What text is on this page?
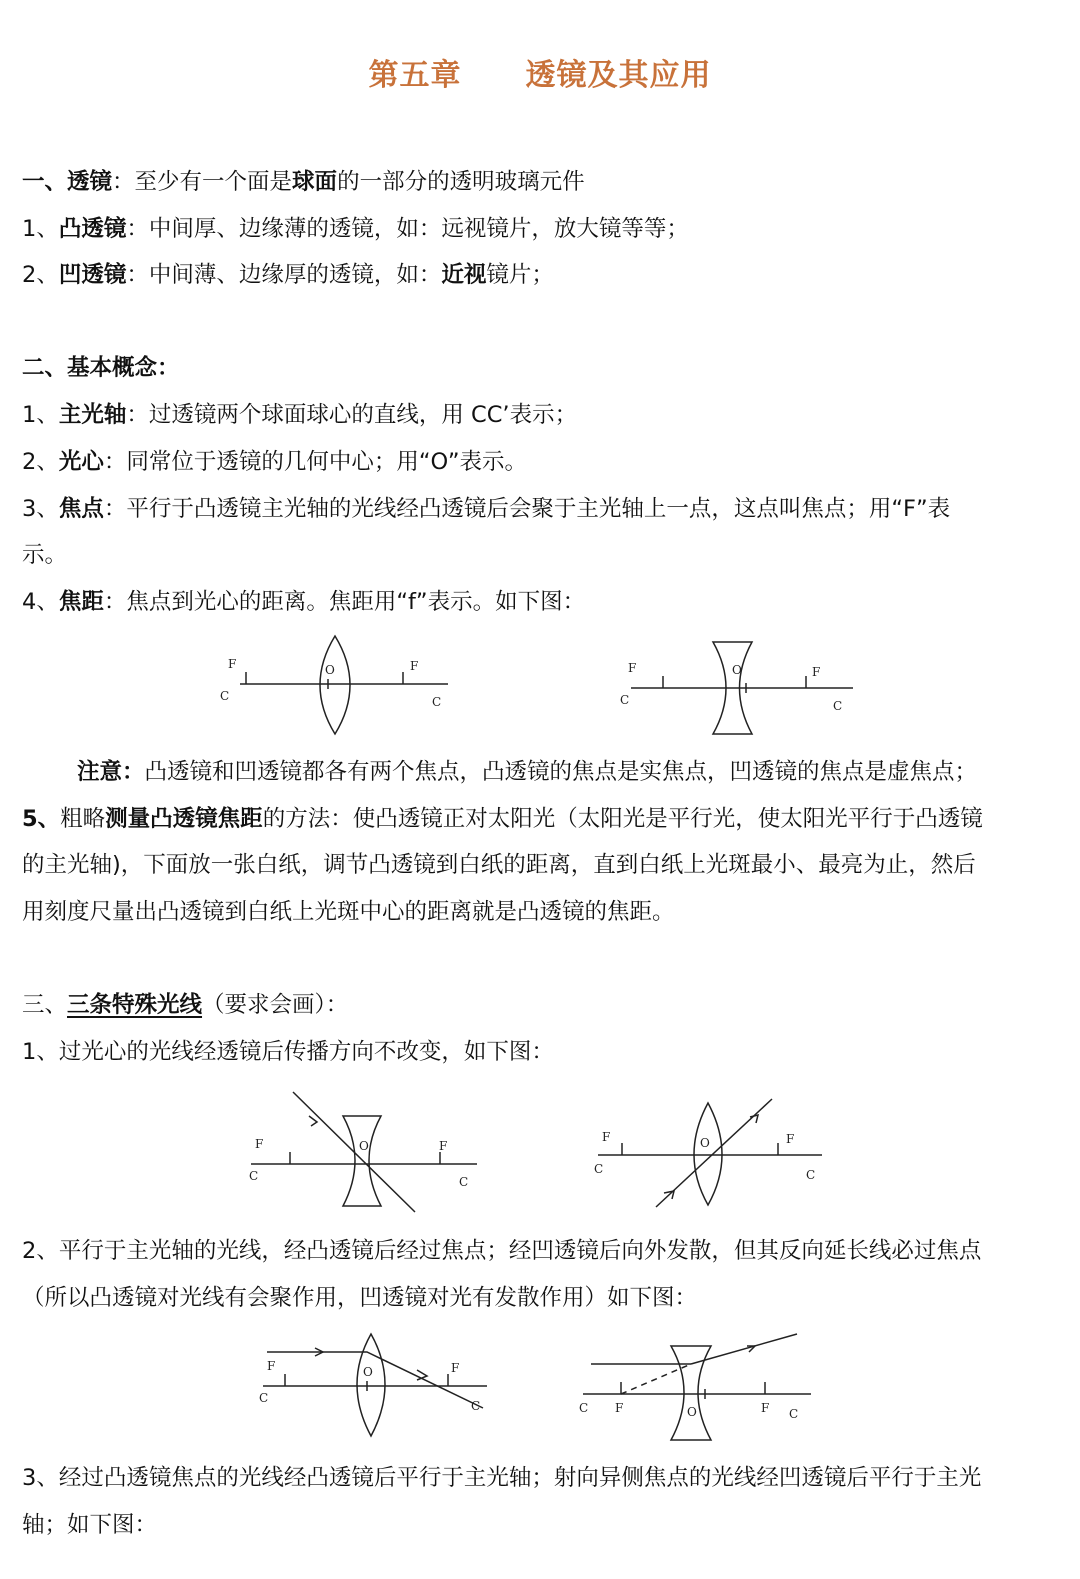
第五章 透镜及其应用
一、透镜：至少有一个面是球面的一部分的透明玻璃元件
1、凸透镜：中间厚、边缘薄的透镜，如：远视镜片，放大镜等等；
2、凹透镜：中间薄、边缘厚的透镜，如：近视镜片；
二、基本概念：
1、主光轴：过透镜两个球面球心的直线，用 CC’表示；
2、光心：同常位于透镜的几何中心；用“O”表示。
3、焦点：平行于凸透镜主光轴的光线经凸透镜后会聚于主光轴上一点，这点叫焦点；用“F”表
示。
4、焦距：焦点到光心的距离。焦距用“f”表示。如下图：
F
C
O	F
C
F
C
O	F
C
注意：凸透镜和凹透镜都各有两个焦点，凸透镜的焦点是实焦点，凹透镜的焦点是虚焦点；
5、粗略测量凸透镜焦距的方法：使凸透镜正对太阳光（太阳光是平行光，使太阳光平行于凸透镜
的主光轴)，下面放一张白纸，调节凸透镜到白纸的距离，直到白纸上光斑最小、最亮为止，然后
用刻度尺量出凸透镜到白纸上光斑中心的距离就是凸透镜的焦距。
三、三条特殊光线（要求会画）：
1、过光心的光线经透镜后传播方向不改变，如下图：
F
C
O	F
C
F
C
O	F
C
2、平行于主光轴的光线，经凸透镜后经过焦点；经凹透镜后向外发散，但其反向延长线必过焦点
（所以凸透镜对光线有会聚作用，凹透镜对光有发散作用）如下图：
F
C
O	F
C	C F	O	F C
3、经过凸透镜焦点的光线经凸透镜后平行于主光轴；射向异侧焦点的光线经凹透镜后平行于主光
轴；如下图：
